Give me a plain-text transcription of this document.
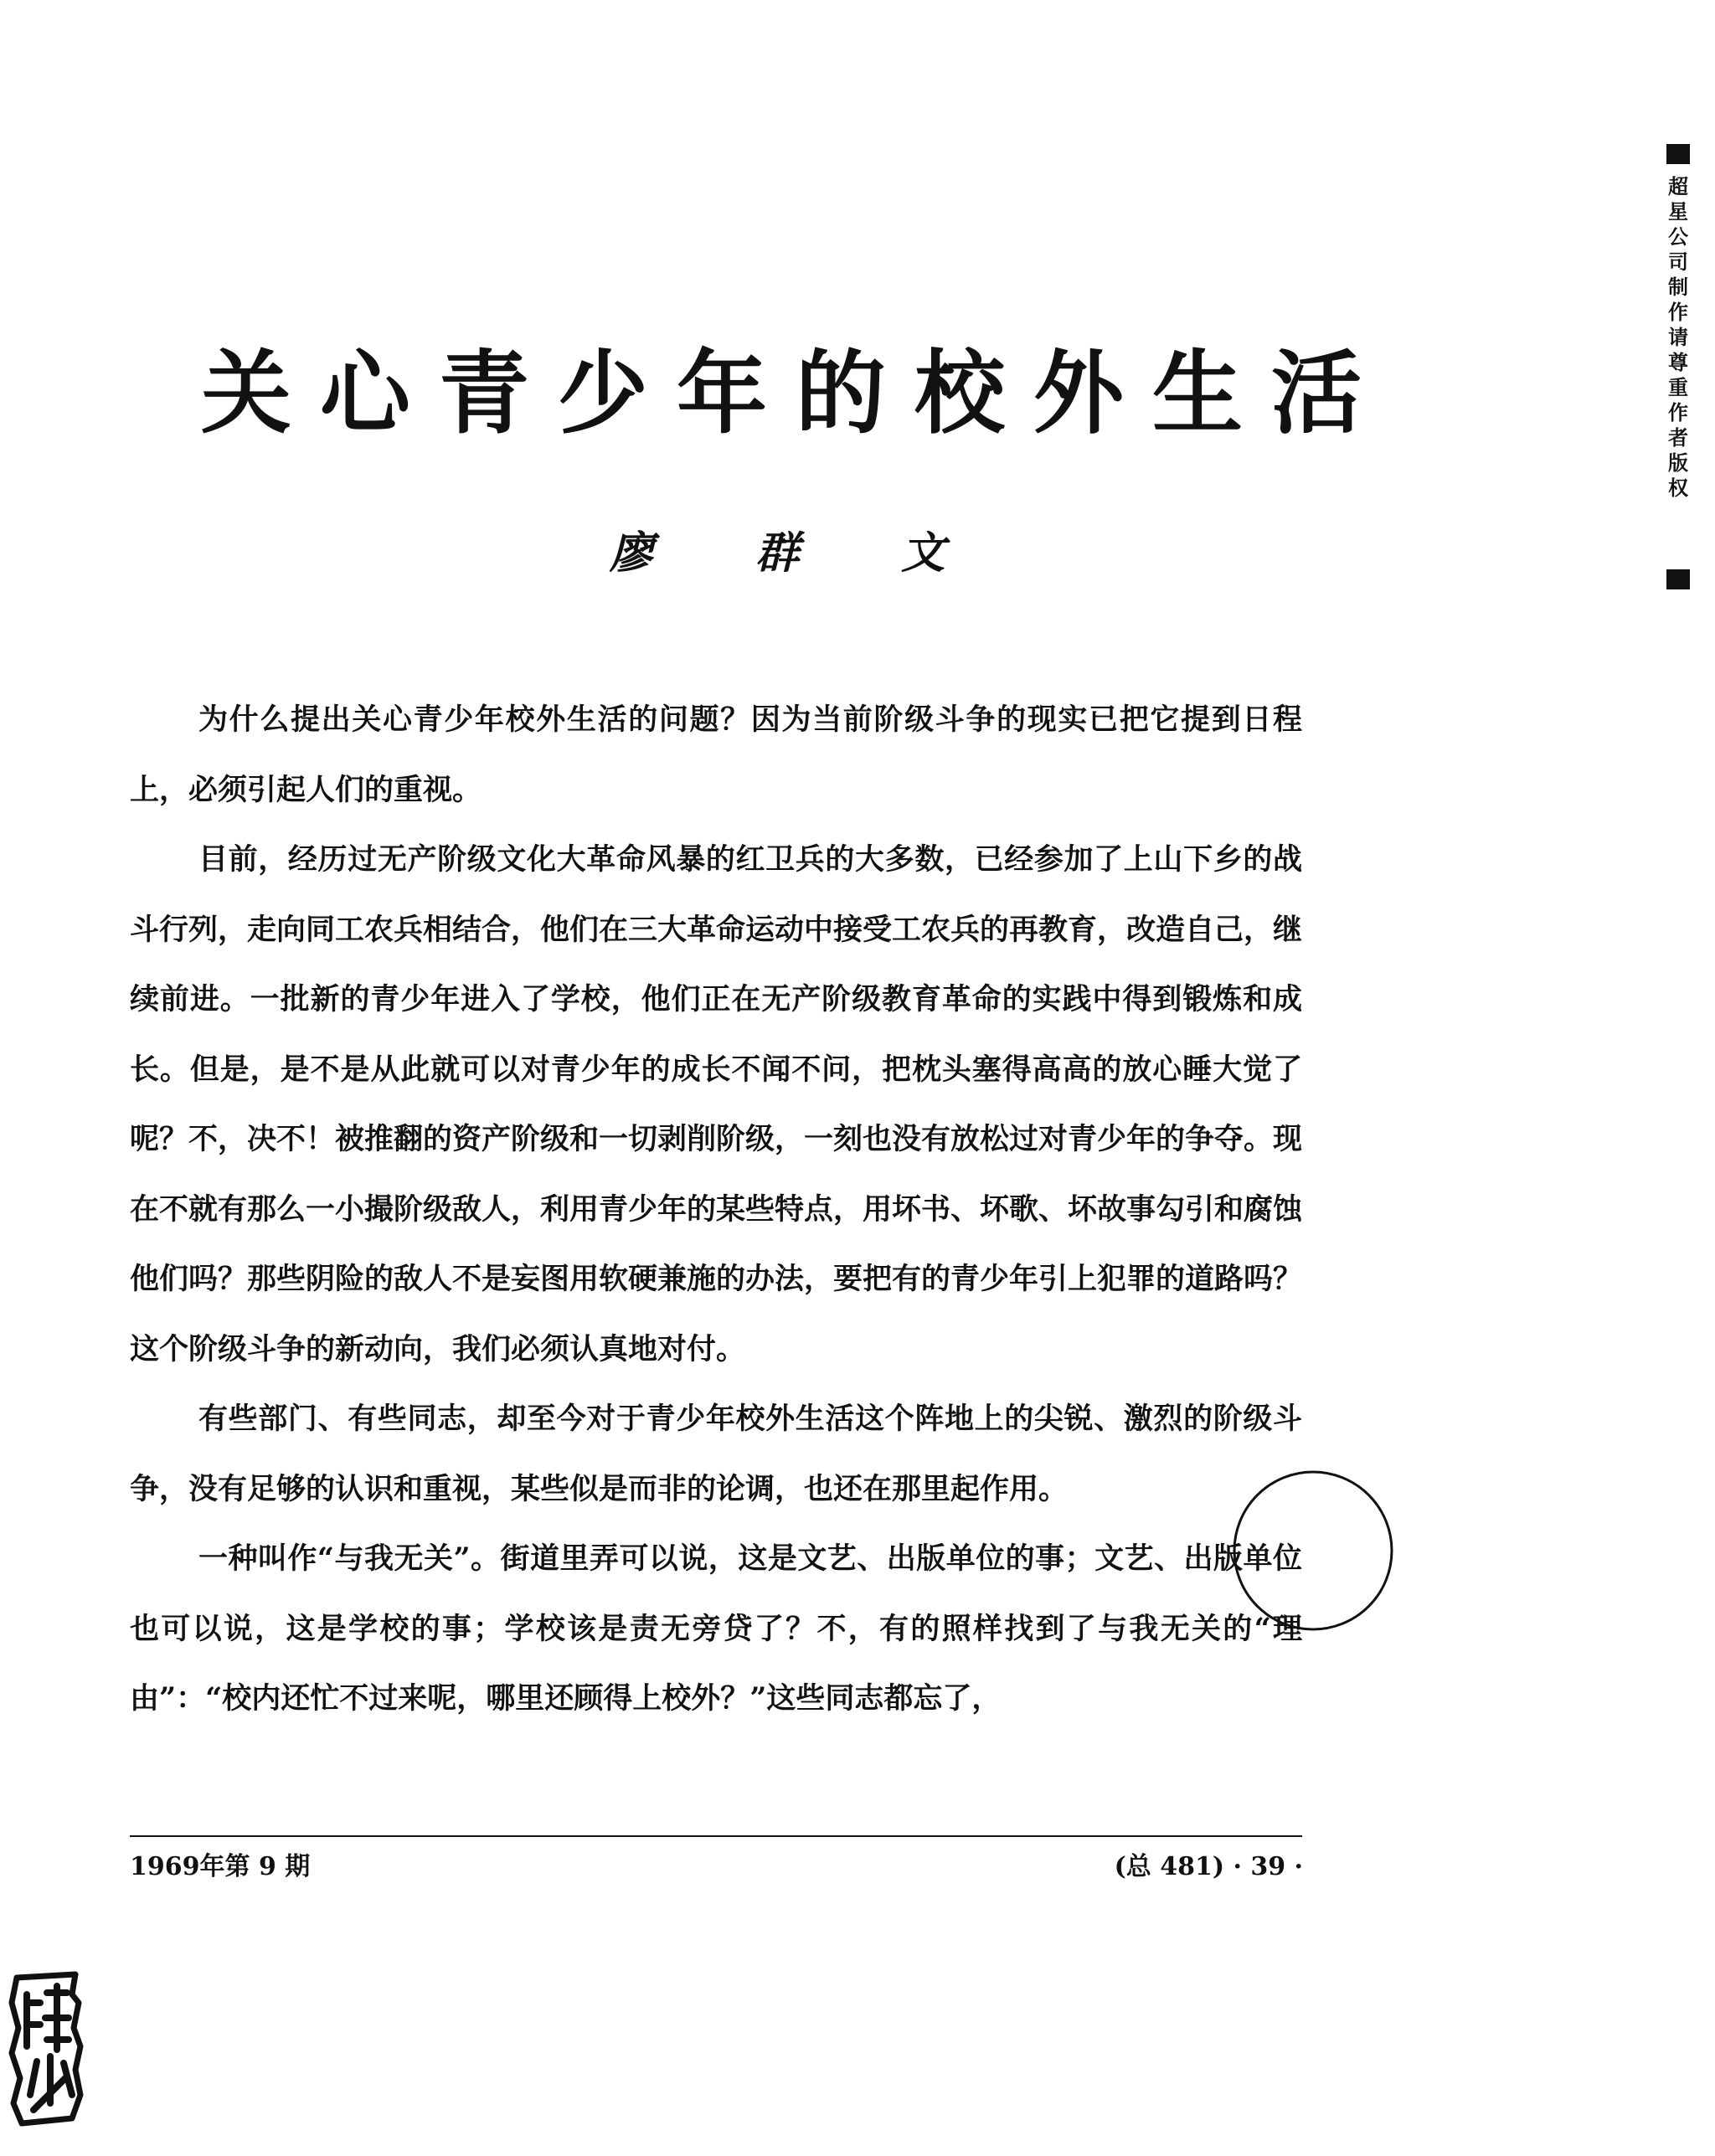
关心青少年的校外生活
廖 群 文

为什么提出关心青少年校外生活的问题？因为当前阶级斗争的现实已把它提到日程上，必须引起人们的重视。

目前，经历过无产阶级文化大革命风暴的红卫兵的大多数，已经参加了上山下乡的战斗行列，走向同工农兵相结合，他们在三大革命运动中接受工农兵的再教育，改造自己，继续前进。一批新的青少年进入了学校，他们正在无产阶级教育革命的实践中得到锻炼和成长。但是，是不是从此就可以对青少年的成长不闻不问，把枕头塞得高高的放心睡大觉了呢？不，决不！被推翻的资产阶级和一切剥削阶级，一刻也没有放松过对青少年的争夺。现在不就有那么一小撮阶级敌人，利用青少年的某些特点，用坏书、坏歌、坏故事勾引和腐蚀他们吗？那些阴险的敌人不是妄图用软硬兼施的办法，要把有的青少年引上犯罪的道路吗？这个阶级斗争的新动向，我们必须认真地对付。

有些部门、有些同志，却至今对于青少年校外生活这个阵地上的尖锐、激烈的阶级斗争，没有足够的认识和重视，某些似是而非的论调，也还在那里起作用。

一种叫作“与我无关”。街道里弄可以说，这是文艺、出版单位的事；文艺、出版单位也可以说，这是学校的事；学校该是责无旁贷了？不，有的照样找到了与我无关的“理由”：“校内还忙不过来呢，哪里还顾得上校外？”这些同志都忘了，

1969年第 9 期	(总 481) · 39 ·
超星公司制作 请尊重作者版权
